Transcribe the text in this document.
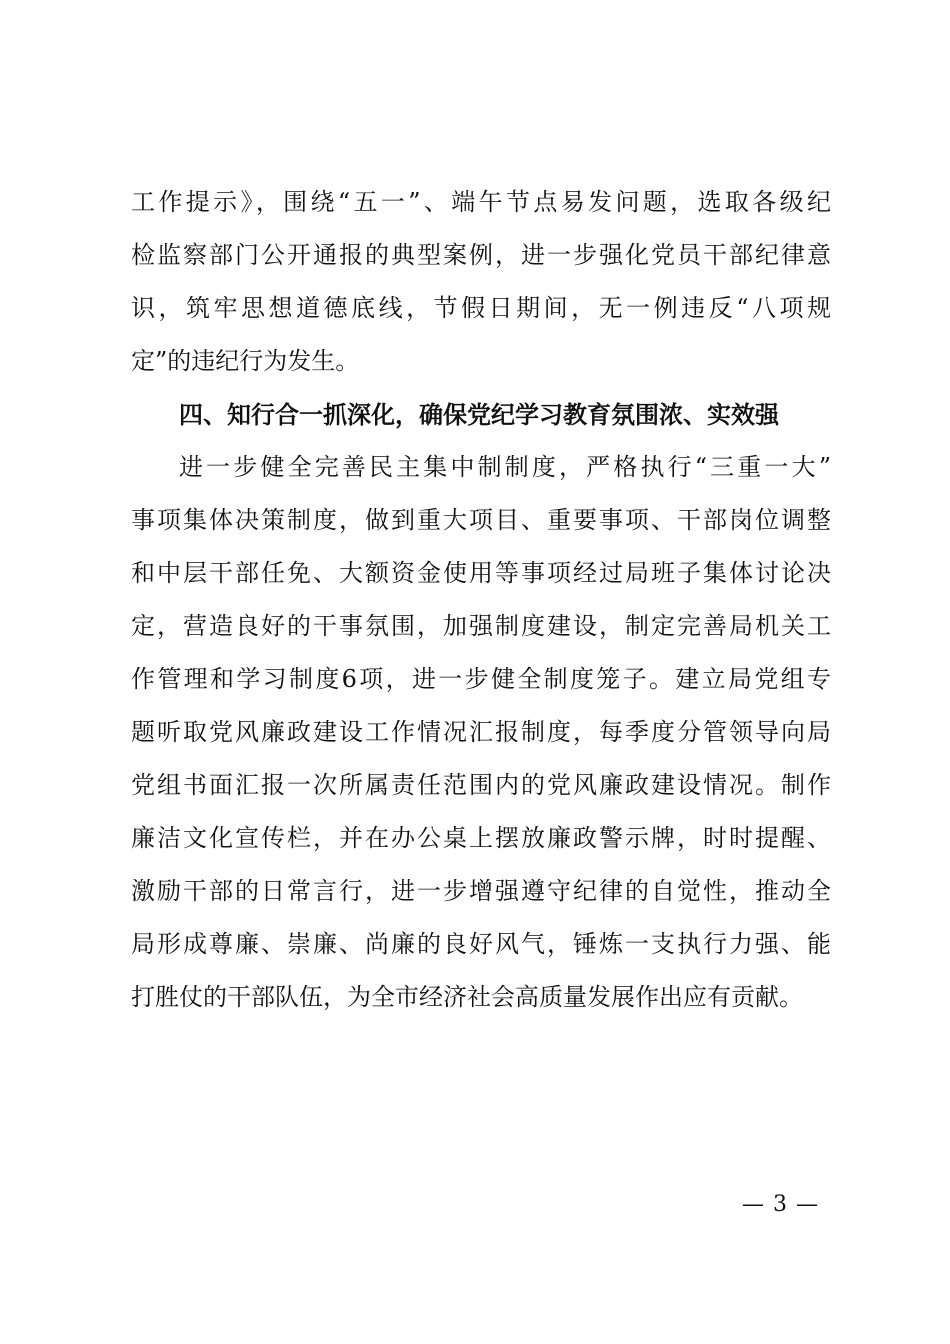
工作提示》，围绕“五一”、端午节点易发问题，选取各级纪
检监察部门公开通报的典型案例，进一步强化党员干部纪律意
识，筑牢思想道德底线，节假日期间，无一例违反“八项规
定”的违纪行为发生。
四、知行合一抓深化，确保党纪学习教育氛围浓、实效强
进一步健全完善民主集中制制度，严格执行“三重一大”
事项集体决策制度，做到重大项目、重要事项、干部岗位调整
和中层干部任免、大额资金使用等事项经过局班子集体讨论决
定，营造良好的干事氛围，加强制度建设，制定完善局机关工
作管理和学习制度6项，进一步健全制度笼子。建立局党组专
题听取党风廉政建设工作情况汇报制度，每季度分管领导向局
党组书面汇报一次所属责任范围内的党风廉政建设情况。制作
廉洁文化宣传栏，并在办公桌上摆放廉政警示牌，时时提醒、
激励干部的日常言行，进一步增强遵守纪律的自觉性，推动全
局形成尊廉、崇廉、尚廉的良好风气，锤炼一支执行力强、能
打胜仗的干部队伍，为全市经济社会高质量发展作出应有贡献。
— 3 —
